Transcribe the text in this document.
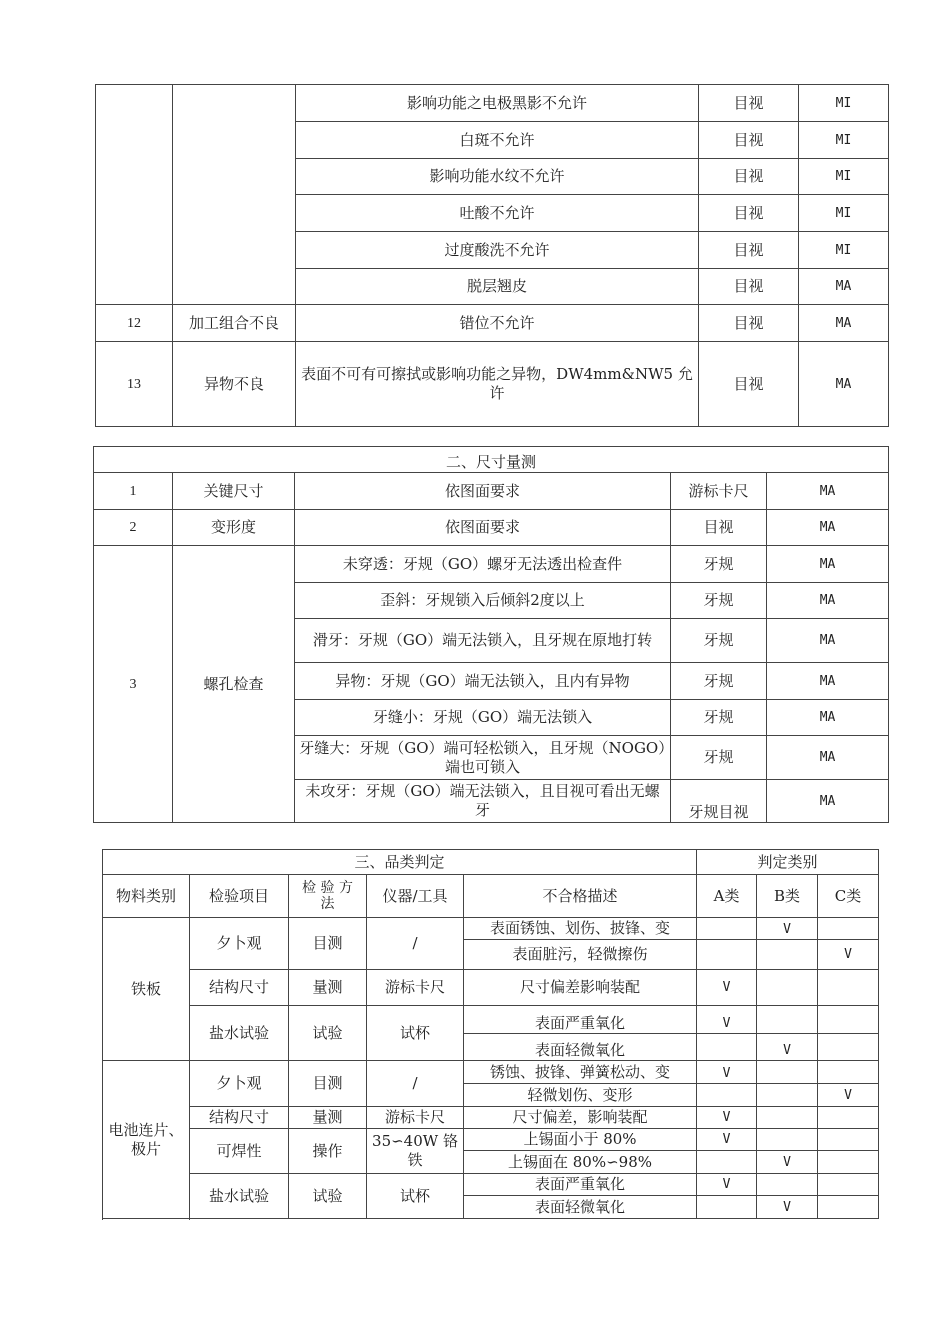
		影响功能之电极黑影不允许	目视	MI
		白斑不允许	目视	MI
		影响功能水纹不允许	目视	MI
		吐酸不允许	目视	MI
		过度酸洗不允许	目视	MI
		脱层翘皮	目视	MA
12	加工组合不良	错位不允许	目视	MA
13	异物不良	表面不可有可擦拭或影响功能之异物，DW4mm&NW5 允许	目视	MA
二、尺寸量测				
1	关键尺寸	依图面要求	游标卡尺	MA
2	变形度	依图面要求	目视	MA
3	螺孔检查	未穿透：牙规（GO）螺牙无法透出检查件	牙规	MA
		歪斜：牙规锁入后倾斜2度以上	牙规	MA
		滑牙：牙规（GO）端无法锁入，且牙规在原地打转	牙规	MA
		异物：牙规（GO）端无法锁入，且内有异物	牙规	MA
		牙缝小：牙规（GO）端无法锁入	牙规	MA
		牙缝大：牙规（GO）端可轻松锁入，且牙规（NOGO）端也可锁入	牙规	MA
		未攻牙：牙规（GO）端无法锁入，且目视可看出无螺牙	牙规目视	MA
三、品类判定					判定类别		
物料类别	检验项目	检 验 方 法	仪器/工具	不合格描述	A类	B类	C类
铁板	夕卜观	目测	/	表面锈蚀、划伤、披锋、变		V	
				表面脏污，轻微擦伤			V
	结构尺寸	量测	游标卡尺	尺寸偏差影响装配	V		
	盐水试验	试验	试杯	表面严重氧化	V		
				表面轻微氧化		V	

电池连片、极片	夕卜观	目测	/	锈蚀、披锋、弹簧松动、变	V		
				轻微划伤、变形			V
	结构尺寸	量测	游标卡尺	尺寸偏差，影响装配	V		
	可焊性	操作	35∽40W 铬铁	上锡面小于 80%	V		
				上锡面在 80%∽98%		V	
	盐水试验	试验	试杯	表面严重氧化	V		
				表面轻微氧化		V	
